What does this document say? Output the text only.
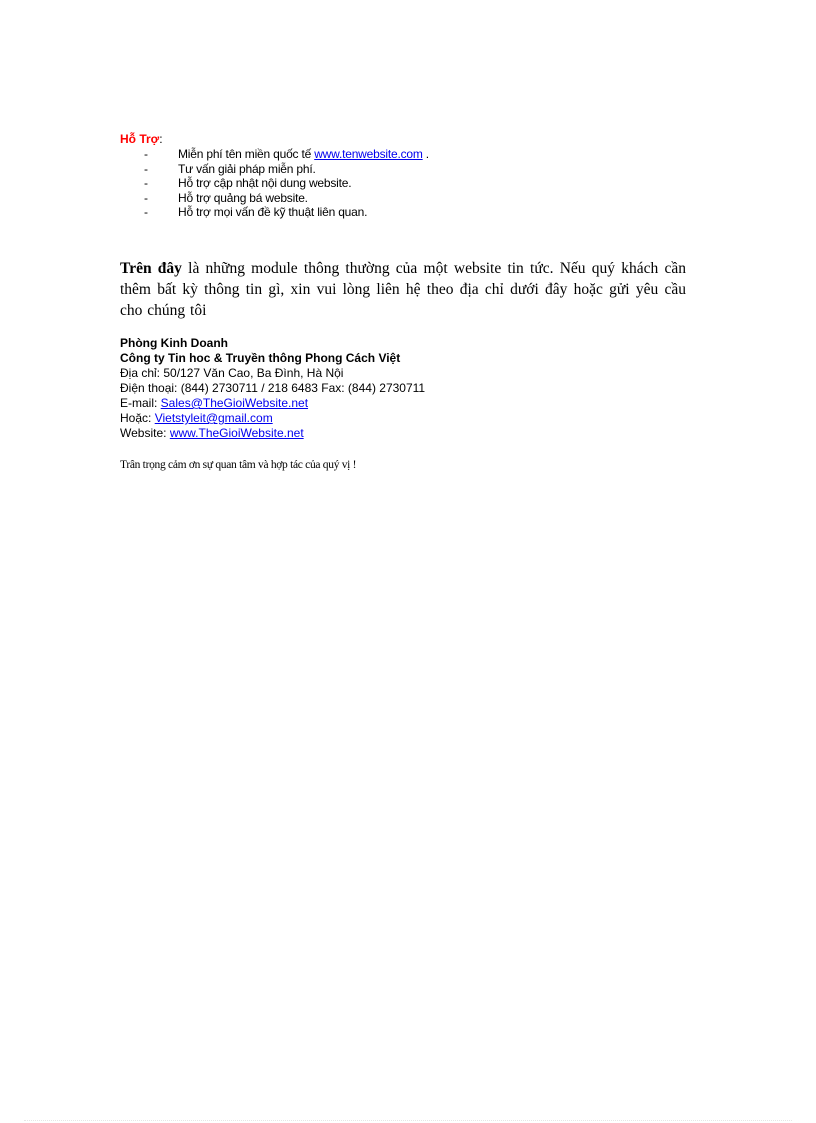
Hỗ Trợ:
-	Miễn phí tên miền quốc tế www.tenwebsite.com .
-	Tư vấn giải pháp miễn phí.
-	Hỗ trợ cập nhật nội dung website.
-	Hỗ trợ quảng bá website.
-	Hỗ trợ mọi vấn đề kỹ thuật liên quan.

Trên đây là những module thông thường của một website tin tức. Nếu quý khách cần thêm bất kỳ thông tin gì, xin vui lòng liên hệ theo địa chỉ dưới đây hoặc gửi yêu cầu cho chúng tôi

Phòng Kinh Doanh
Công ty Tin hoc & Truyền thông Phong Cách Việt
Địa chỉ: 50/127 Văn Cao, Ba Đình, Hà Nội
Điện thoại: (844) 2730711 / 218 6483 Fax: (844) 2730711
E-mail: Sales@TheGioiWebsite.net
Hoặc: Vietstyleit@gmail.com
Website: www.TheGioiWebsite.net
Trân trọng cảm ơn sự quan tâm và hợp tác của quý vị !
